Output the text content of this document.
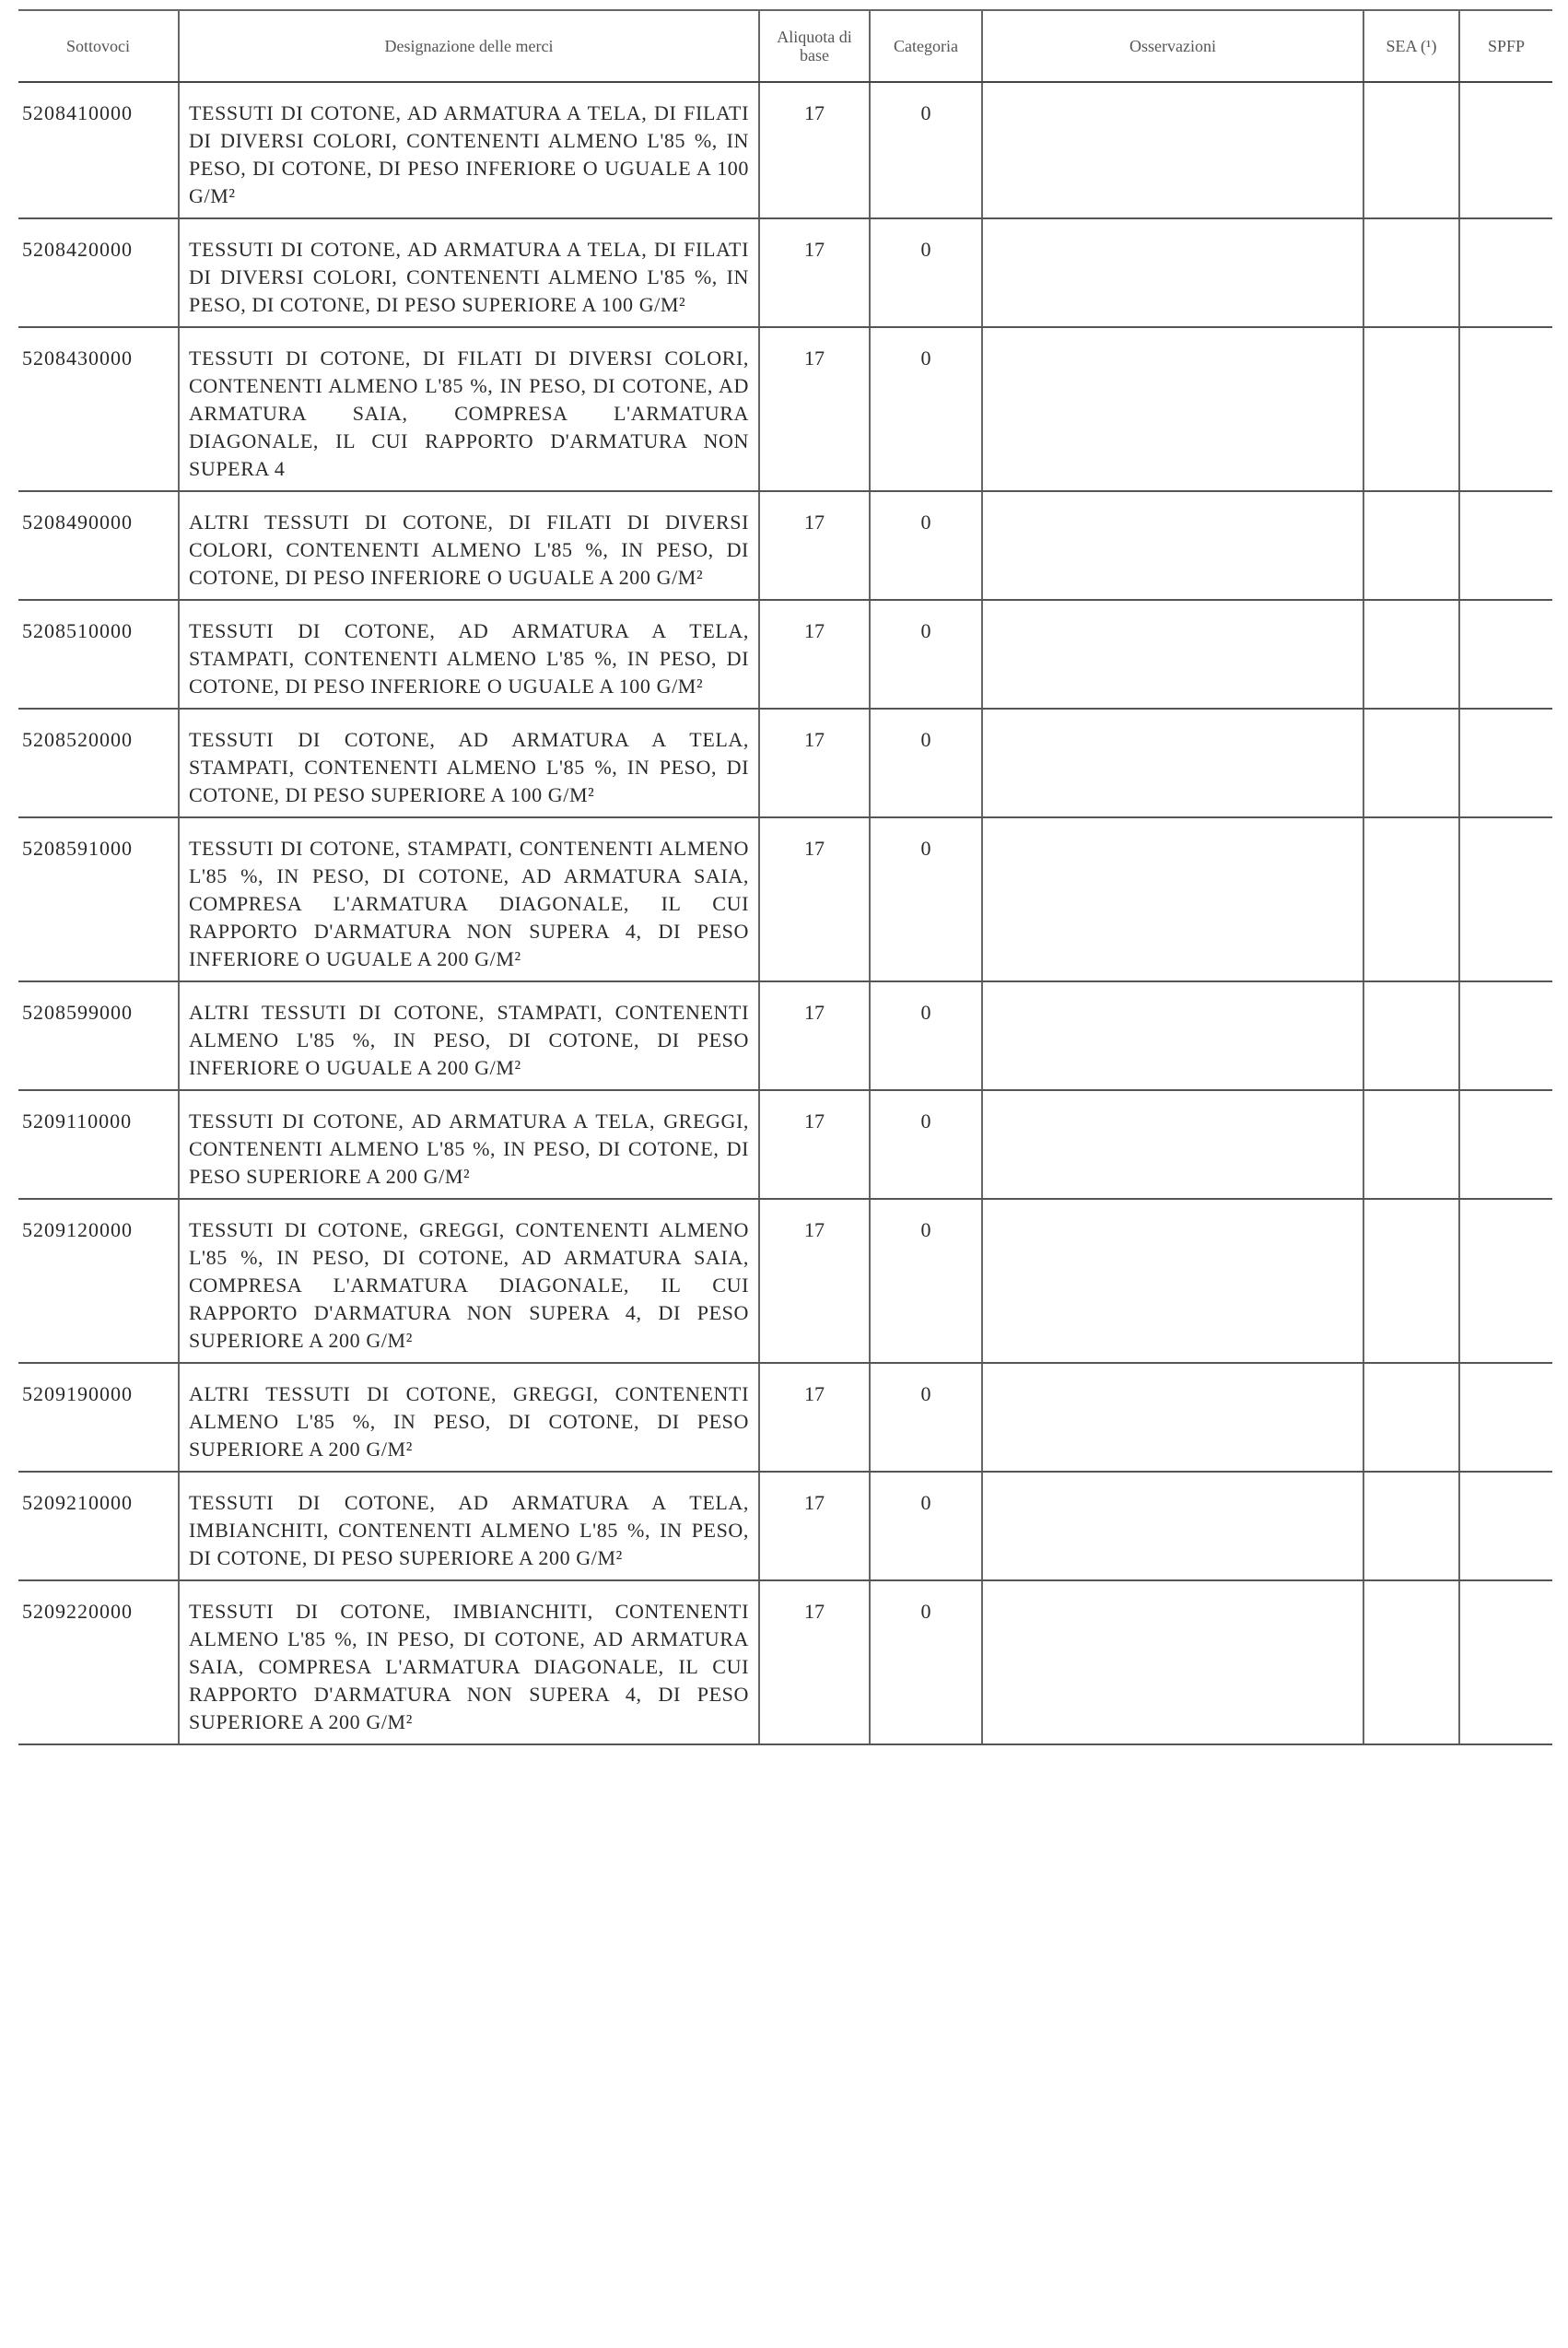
Sottovoci	Designazione delle merci	Aliquota di base	Categoria	Osservazioni	SEA (¹)	SPFP
5208410000	TESSUTI DI COTONE, AD ARMATURA A TELA, DI FILATI DI DIVERSI COLORI, CONTENENTI ALMENO L'85 %, IN PESO, DI COTONE, DI PESO INFERIORE O UGUALE A 100 G/M²	17	0			
5208420000	TESSUTI DI COTONE, AD ARMATURA A TELA, DI FILATI DI DIVERSI COLORI, CONTENENTI ALMENO L'85 %, IN PESO, DI COTONE, DI PESO SUPERIORE A 100 G/M²	17	0			
5208430000	TESSUTI DI COTONE, DI FILATI DI DIVERSI COLORI, CONTENENTI ALMENO L'85 %, IN PESO, DI COTONE, AD ARMATURA SAIA, COMPRESA L'ARMATURA DIAGONALE, IL CUI RAPPORTO D'ARMATURA NON SUPERA 4	17	0			
5208490000	ALTRI TESSUTI DI COTONE, DI FILATI DI DIVERSI COLORI, CONTENENTI ALMENO L'85 %, IN PESO, DI COTONE, DI PESO INFERIORE O UGUALE A 200 G/M²	17	0			
5208510000	TESSUTI DI COTONE, AD ARMATURA A TELA, STAMPATI, CONTENENTI ALMENO L'85 %, IN PESO, DI COTONE, DI PESO INFERIORE O UGUALE A 100 G/M²	17	0			
5208520000	TESSUTI DI COTONE, AD ARMATURA A TELA, STAMPATI, CONTENENTI ALMENO L'85 %, IN PESO, DI COTONE, DI PESO SUPERIORE A 100 G/M²	17	0			
5208591000	TESSUTI DI COTONE, STAMPATI, CONTENENTI ALMENO L'85 %, IN PESO, DI COTONE, AD ARMATURA SAIA, COMPRESA L'ARMATURA DIAGONALE, IL CUI RAPPORTO D'ARMATURA NON SUPERA 4, DI PESO INFERIORE O UGUALE A 200 G/M²	17	0			
5208599000	ALTRI TESSUTI DI COTONE, STAMPATI, CONTENENTI ALMENO L'85 %, IN PESO, DI COTONE, DI PESO INFERIORE O UGUALE A 200 G/M²	17	0			
5209110000	TESSUTI DI COTONE, AD ARMATURA A TELA, GREGGI, CONTENENTI ALMENO L'85 %, IN PESO, DI COTONE, DI PESO SUPERIORE A 200 G/M²	17	0			
5209120000	TESSUTI DI COTONE, GREGGI, CONTENENTI ALMENO L'85 %, IN PESO, DI COTONE, AD ARMATURA SAIA, COMPRESA L'ARMATURA DIAGONALE, IL CUI RAPPORTO D'ARMATURA NON SUPERA 4, DI PESO SUPERIORE A 200 G/M²	17	0			
5209190000	ALTRI TESSUTI DI COTONE, GREGGI, CONTENENTI ALMENO L'85 %, IN PESO, DI COTONE, DI PESO SUPERIORE A 200 G/M²	17	0			
5209210000	TESSUTI DI COTONE, AD ARMATURA A TELA, IMBIANCHITI, CONTENENTI ALMENO L'85 %, IN PESO, DI COTONE, DI PESO SUPERIORE A 200 G/M²	17	0			
5209220000	TESSUTI DI COTONE, IMBIANCHITI, CONTENENTI ALMENO L'85 %, IN PESO, DI COTONE, AD ARMATURA SAIA, COMPRESA L'ARMATURA DIAGONALE, IL CUI RAPPORTO D'ARMATURA NON SUPERA 4, DI PESO SUPERIORE A 200 G/M²	17	0			
